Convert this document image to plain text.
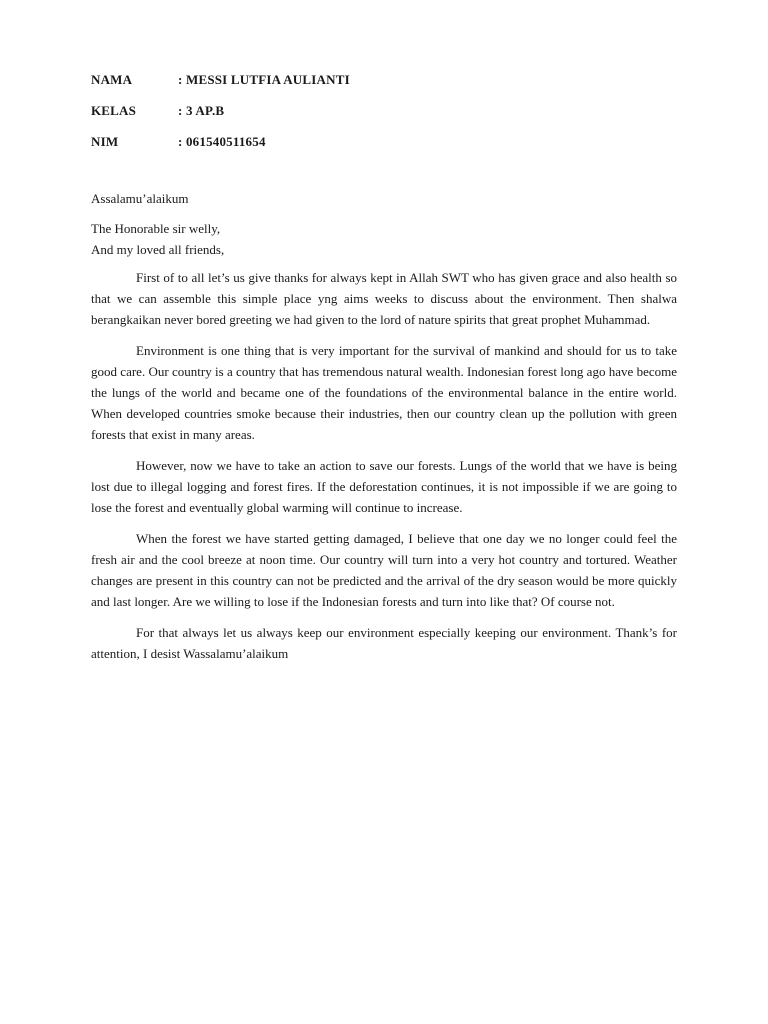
NAMA	: MESSI LUTFIA AULIANTI
KELAS	: 3 AP.B
NIM	: 061540511654
Assalamu’alaikum
The Honorable sir welly,
And my loved all friends,

First of to all let’s us give thanks for always kept in Allah SWT who has given grace and also health so that we can assemble this simple place yng aims weeks to discuss about the environment. Then shalwa berangkaikan never bored greeting we had given to the lord of nature spirits that great prophet Muhammad.

Environment is one thing that is very important for the survival of mankind and should for us to take good care. Our country is a country that has tremendous natural wealth. Indonesian forest long ago have become the lungs of the world and became one of the foundations of the environmental balance in the entire world. When developed countries smoke because their industries, then our country clean up the pollution with green forests that exist in many areas.

However, now we have to take an action to save our forests. Lungs of the world that we have is being lost due to illegal logging and forest fires. If the deforestation continues, it is not impossible if we are going to lose the forest and eventually global warming will continue to increase.

When the forest we have started getting damaged, I believe that one day we no longer could feel the fresh air and the cool breeze at noon time. Our country will turn into a very hot country and tortured. Weather changes are present in this country can not be predicted and the arrival of the dry season would be more quickly and last longer. Are we willing to lose if the Indonesian forests and turn into like that? Of course not.

For that always let us always keep our environment especially keeping our environment. Thank’s for attention, I desist Wassalamu’alaikum
